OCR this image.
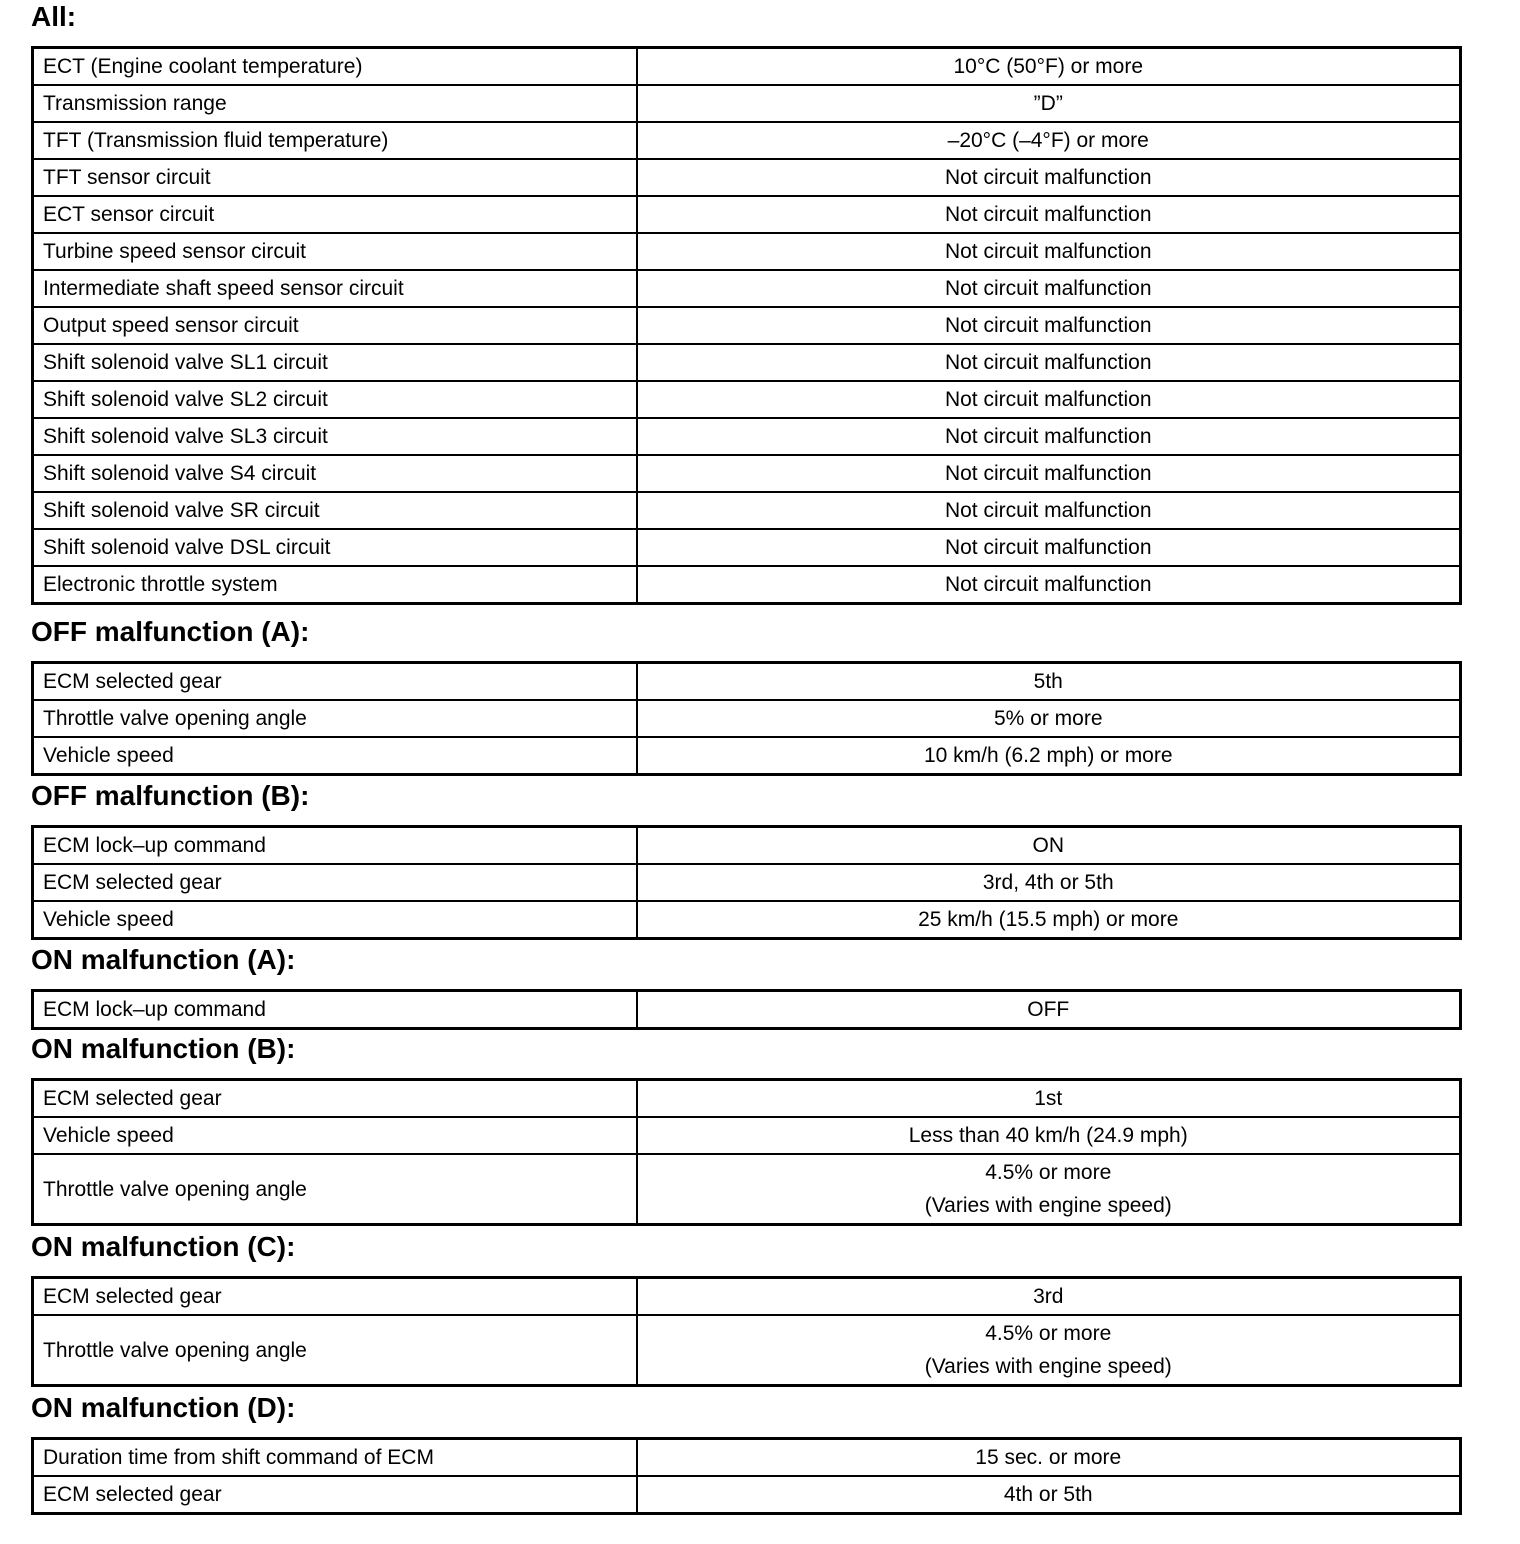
All:
ECT (Engine coolant temperature)	10°C (50°F) or more

Transmission range	”D”

TFT (Transmission fluid temperature)	–20°C (–4°F) or more

TFT sensor circuit	Not circuit malfunction

ECT sensor circuit	Not circuit malfunction

Turbine speed sensor circuit	Not circuit malfunction

Intermediate shaft speed sensor circuit	Not circuit malfunction

Output speed sensor circuit	Not circuit malfunction

Shift solenoid valve SL1 circuit	Not circuit malfunction

Shift solenoid valve SL2 circuit	Not circuit malfunction

Shift solenoid valve SL3 circuit	Not circuit malfunction

Shift solenoid valve S4 circuit	Not circuit malfunction

Shift solenoid valve SR circuit	Not circuit malfunction

Shift solenoid valve DSL circuit	Not circuit malfunction

Electronic throttle system	Not circuit malfunction
OFF malfunction (A):
ECM selected gear	5th

Throttle valve opening angle	5% or more

Vehicle speed	10 km/h (6.2 mph) or more
OFF malfunction (B):
ECM lock–up command	ON

ECM selected gear	3rd, 4th or 5th

Vehicle speed	25 km/h (15.5 mph) or more
ON malfunction (A):
ECM lock–up command	OFF
ON malfunction (B):
ECM selected gear	1st

Vehicle speed	Less than 40 km/h (24.9 mph)

Throttle valve opening angle	4.5% or more
(Varies with engine speed)
ON malfunction (C):
ECM selected gear	3rd

Throttle valve opening angle	4.5% or more
(Varies with engine speed)
ON malfunction (D):
Duration time from shift command of ECM	15 sec. or more

ECM selected gear	4th or 5th
